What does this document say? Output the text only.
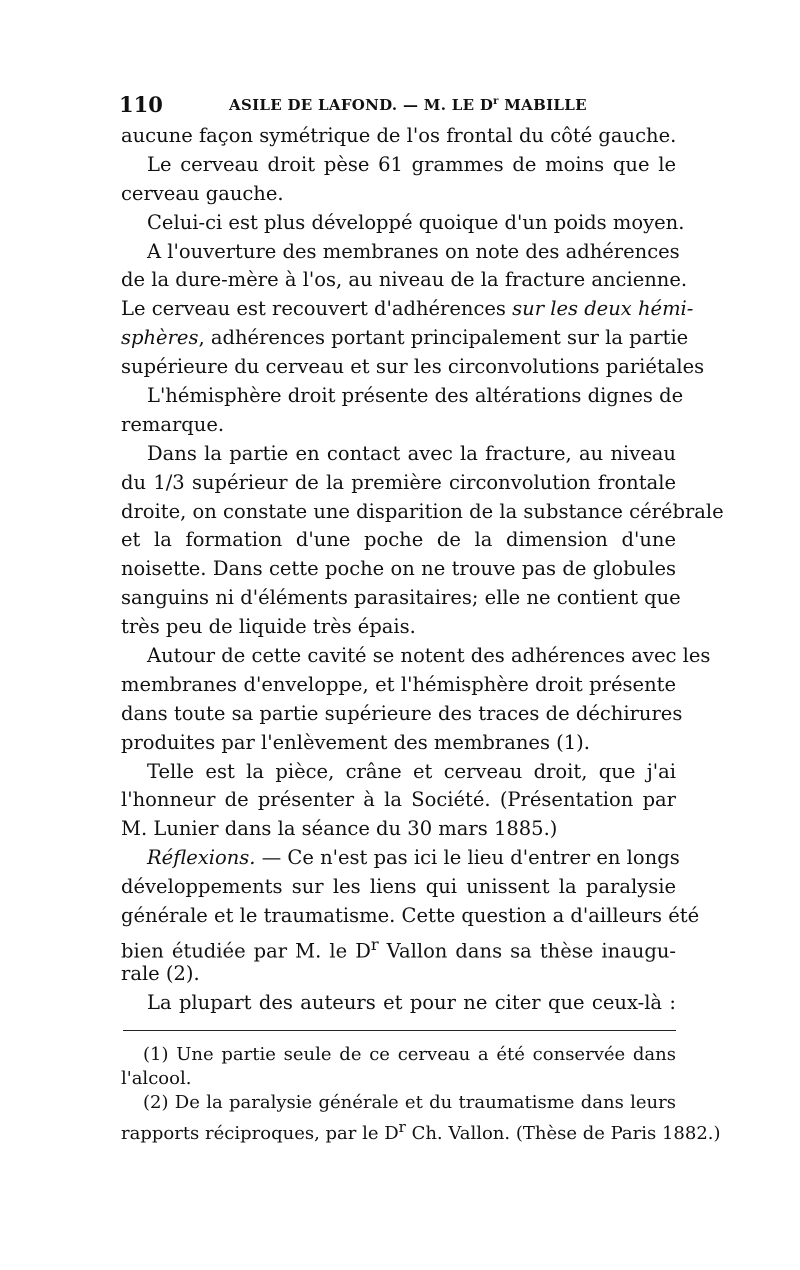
110	ASILE DE LAFOND. — M. LE $D^r$ MABILLE
aucune façon symétrique de l'os frontal du côté gauche.
Le cerveau droit pèse 61 grammes de moins que le
cerveau gauche.
Celui-ci est plus développé quoique d'un poids moyen.
A l'ouverture des membranes on note des adhérences
de la dure-mère à l'os, au niveau de la fracture ancienne.
Le cerveau est recouvert d'adhérences sur les deux hémi-
sphères, adhérences portant principalement sur la partie
supérieure du cerveau et sur les circonvolutions pariétales
L'hémisphère droit présente des altérations dignes de
remarque.
Dans la partie en contact avec la fracture, au niveau
du 1/3 supérieur de la première circonvolution frontale
droite, on constate une disparition de la substance cérébrale
et la formation d'une poche de la dimension d'une
noisette. Dans cette poche on ne trouve pas de globules
sanguins ni d'éléments parasitaires; elle ne contient que
très peu de liquide très épais.
Autour de cette cavité se notent des adhérences avec les
membranes d'enveloppe, et l'hémisphère droit présente
dans toute sa partie supérieure des traces de déchirures
produites par l'enlèvement des membranes (1).
Telle est la pièce, crâne et cerveau droit, que j'ai
l'honneur de présenter à la Société. (Présentation par
M. Lunier dans la séance du 30 mars 1885.)
Réflexions. — Ce n'est pas ici le lieu d'entrer en longs
développements sur les liens qui unissent la paralysie
générale et le traumatisme. Cette question a d'ailleurs été
bien étudiée par M. le $D^r$ Vallon dans sa thèse inaugu-
rale (2).
La plupart des auteurs et pour ne citer que ceux-là :
(1) Une partie seule de ce cerveau a été conservée dans
l'alcool.
(2) De la paralysie générale et du traumatisme dans leurs
rapports réciproques, par le $D^r$ Ch. Vallon. (Thèse de Paris 1882.)
